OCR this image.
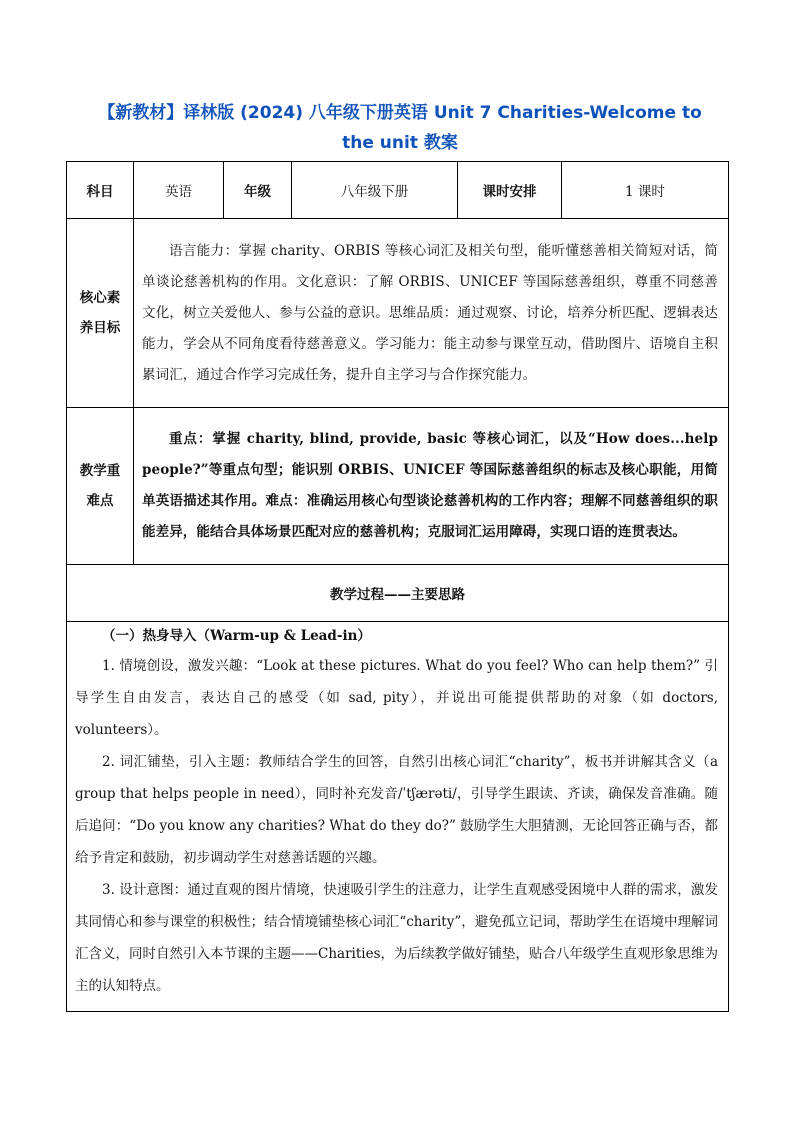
【新教材】译林版 (2024) 八年级下册英语 Unit 7 Charities-Welcome to
the unit 教案
科目	英语	年级	八年级下册	课时安排	1 课时

核心素
养目标	语言能力：掌握 charity、ORBIS 等核心词汇及相关句型，能听懂慈善相关简短对话，简单谈论慈善机构的作用。文化意识：了解 ORBIS、UNICEF 等国际慈善组织，尊重不同慈善文化，树立关爱他人、参与公益的意识。思维品质：通过观察、讨论，培养分析匹配、逻辑表达能力，学会从不同角度看待慈善意义。学习能力：能主动参与课堂互动，借助图片、语境自主积累词汇，通过合作学习完成任务，提升自主学习与合作探究能力。				

教学重
难点	重点：掌握 charity, blind, provide, basic 等核心词汇，以及“How does...help people?”等重点句型；能识别 ORBIS、UNICEF 等国际慈善组织的标志及核心职能，用简单英语描述其作用。难点：准确运用核心句型谈论慈善机构的工作内容；理解不同慈善组织的职能差异，能结合具体场景匹配对应的慈善机构；克服词汇运用障碍，实现口语的连贯表达。				

教学过程——主要思路					

（一）热身导入（Warm-up & Lead-in）

1. 情境创设，激发兴趣：“Look at these pictures. What do you feel? Who can help them?” 引导学生自由发言，表达自己的感受（如 sad, pity），并说出可能提供帮助的对象（如 doctors, volunteers）。

2. 词汇铺垫，引入主题：教师结合学生的回答，自然引出核心词汇“charity”，板书并讲解其含义（a group that helps people in need），同时补充发音/ˈtʃærəti/，引导学生跟读、齐读，确保发音准确。随后追问：“Do you know any charities? What do they do?” 鼓励学生大胆猜测，无论回答正确与否，都给予肯定和鼓励，初步调动学生对慈善话题的兴趣。

3. 设计意图：通过直观的图片情境，快速吸引学生的注意力，让学生直观感受困境中人群的需求，激发其同情心和参与课堂的积极性；结合情境铺垫核心词汇“charity”，避免孤立记词，帮助学生在语境中理解词汇含义，同时自然引入本节课的主题——Charities，为后续教学做好铺垫，贴合八年级学生直观形象思维为主的认知特点。					
